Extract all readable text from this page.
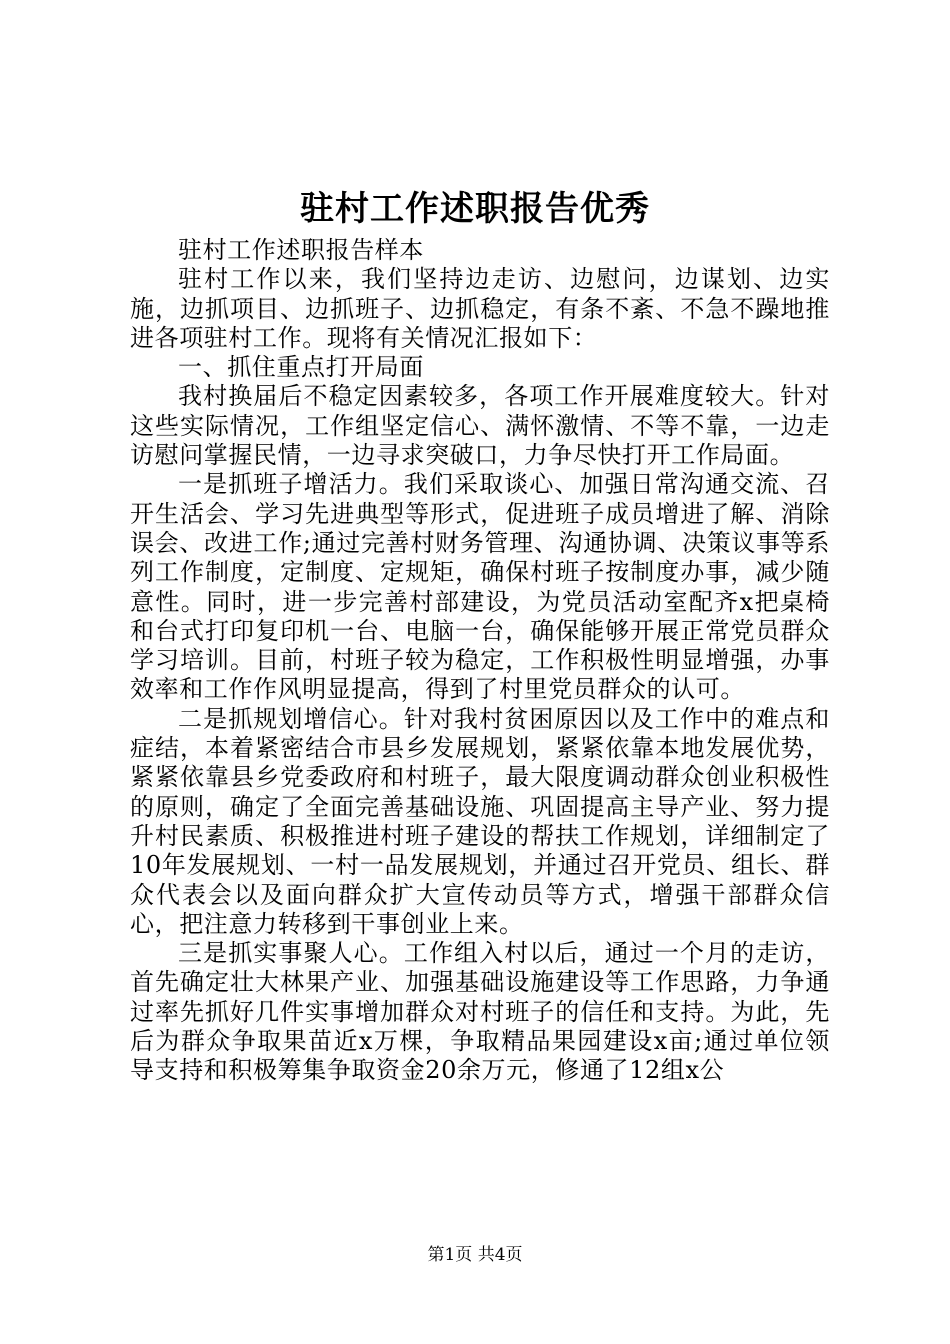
驻村工作述职报告优秀

驻村工作述职报告样本

驻村工作以来，我们坚持边走访、边慰问，边谋划、边实施，边抓项目、边抓班子、边抓稳定，有条不紊、不急不躁地推进各项驻村工作。现将有关情况汇报如下：

一、抓住重点打开局面

我村换届后不稳定因素较多，各项工作开展难度较大。针对这些实际情况，工作组坚定信心、满怀激情、不等不靠，一边走访慰问掌握民情，一边寻求突破口，力争尽快打开工作局面。

一是抓班子增活力。我们采取谈心、加强日常沟通交流、召开生活会、学习先进典型等形式，促进班子成员增进了解、消除误会、改进工作;通过完善村财务管理、沟通协调、决策议事等系列工作制度，定制度、定规矩，确保村班子按制度办事，减少随意性。同时，进一步完善村部建设，为党员活动室配齐x把桌椅和台式打印复印机一台、电脑一台，确保能够开展正常党员群众学习培训。目前，村班子较为稳定，工作积极性明显增强，办事效率和工作作风明显提高，得到了村里党员群众的认可。

二是抓规划增信心。针对我村贫困原因以及工作中的难点和症结，本着紧密结合市县乡发展规划，紧紧依靠本地发展优势，紧紧依靠县乡党委政府和村班子，最大限度调动群众创业积极性的原则，确定了全面完善基础设施、巩固提高主导产业、努力提升村民素质、积极推进村班子建设的帮扶工作规划，详细制定了10年发展规划、一村一品发展规划，并通过召开党员、组长、群众代表会以及面向群众扩大宣传动员等方式，增强干部群众信心，把注意力转移到干事创业上来。

三是抓实事聚人心。工作组入村以后，通过一个月的走访，首先确定壮大林果产业、加强基础设施建设等工作思路，力争通过率先抓好几件实事增加群众对村班子的信任和支持。为此，先后为群众争取果苗近x万棵，争取精品果园建设x亩;通过单位领导支持和积极筹集争取资金20余万元，修通了12组x公

第1页 共4页
